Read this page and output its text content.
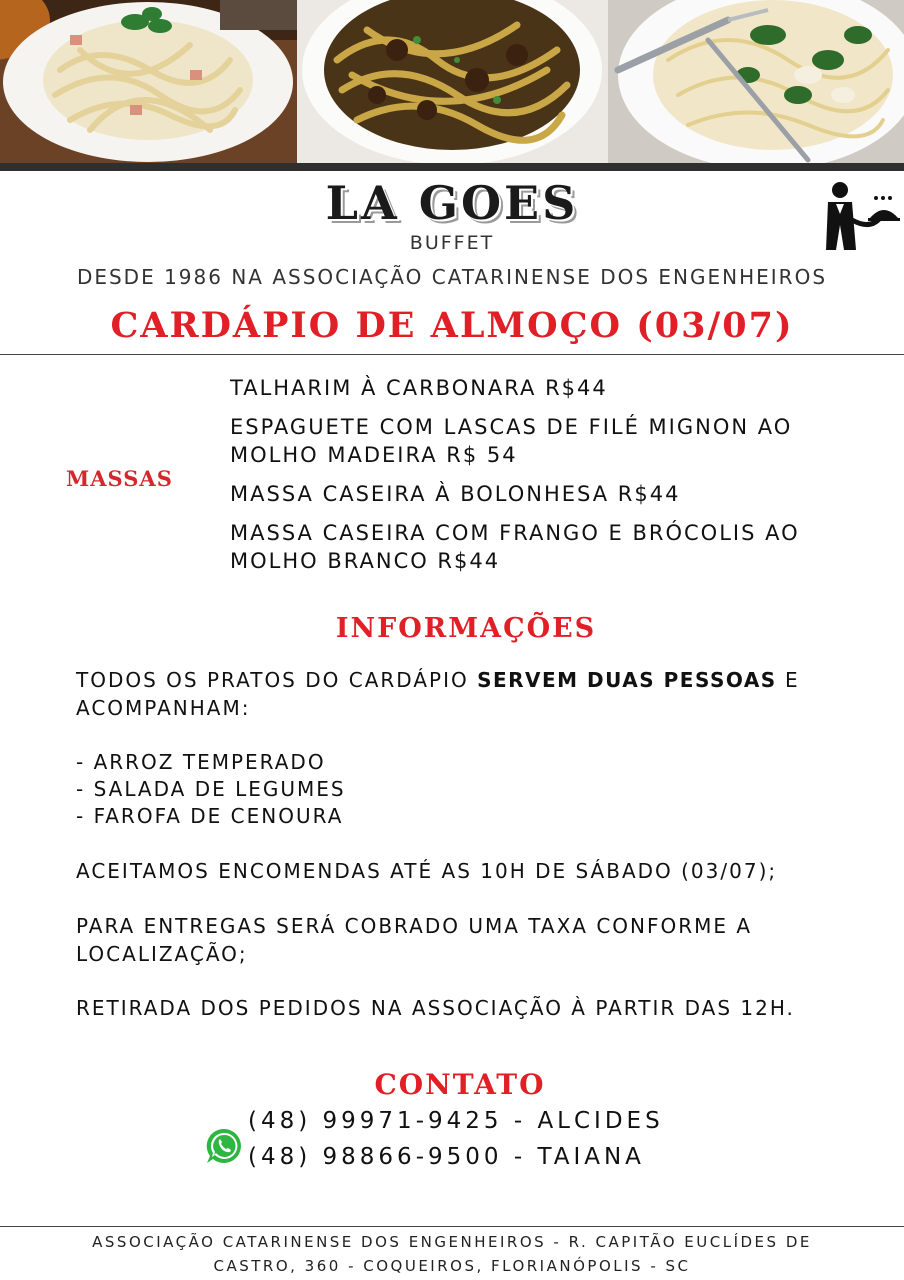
LA GOES
BUFFET
DESDE 1986 NA ASSOCIAÇÃO CATARINENSE DOS ENGENHEIROS
CARDÁPIO DE ALMOÇO (03/07)
MASSAS
TALHARIM À CARBONARA R$44
ESPAGUETE COM LASCAS DE FILÉ MIGNON AO MOLHO MADEIRA R$ 54
MASSA CASEIRA À BOLONHESA R$44
MASSA CASEIRA COM FRANGO E BRÓCOLIS AO MOLHO BRANCO R$44
INFORMAÇÕES
TODOS OS PRATOS DO CARDÁPIO SERVEM DUAS PESSOAS E ACOMPANHAM:
- ARROZ TEMPERADO
- SALADA DE LEGUMES
- FAROFA DE CENOURA
ACEITAMOS ENCOMENDAS ATÉ AS 10H DE SÁBADO (03/07);
PARA ENTREGAS SERÁ COBRADO UMA TAXA CONFORME A LOCALIZAÇÃO;
RETIRADA DOS PEDIDOS NA ASSOCIAÇÃO À PARTIR DAS 12H.
CONTATO
(48) 99971-9425 - ALCIDES
(48) 98866-9500 - TAIANA
ASSOCIAÇÃO CATARINENSE DOS ENGENHEIROS - R. CAPITÃO EUCLÍDES DE
CASTRO, 360 - COQUEIROS, FLORIANÓPOLIS - SC
